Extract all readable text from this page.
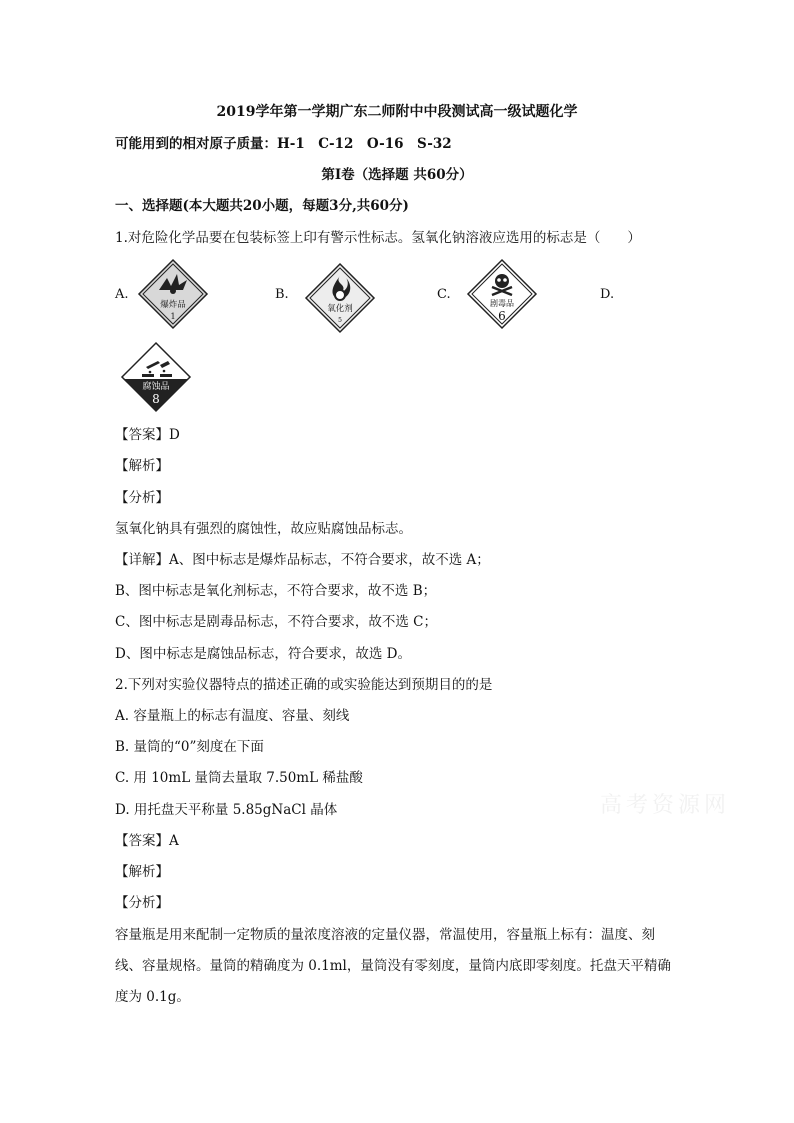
2019学年第一学期广东二师附中中段测试高一级试题化学
可能用到的相对原子质量：H-1　C-12　O-16　S-32
第Ⅰ卷（选择题 共60分）
一、选择题(本大题共20小题，每题3分,共60分)
1.对危险化学品要在包装标签上印有警示性标志。氢氧化钠溶液应选用的标志是（　　）
A.
爆炸品
1
B.
氧化剂
5
C.
剧毒品
6
D.
腐蚀品
8
【答案】D
【解析】
【分析】
氢氧化钠具有强烈的腐蚀性，故应贴腐蚀品标志。
【详解】A、图中标志是爆炸品标志，不符合要求，故不选 A；
B、图中标志是氧化剂标志，不符合要求，故不选 B；
C、图中标志是剧毒品标志，不符合要求，故不选 C；
D、图中标志是腐蚀品标志，符合要求，故选 D。
2.下列对实验仪器特点的描述正确的或实验能达到预期目的的是
A. 容量瓶上的标志有温度、容量、刻线
B. 量筒的“0”刻度在下面
C. 用 10mL 量筒去量取 7.50mL 稀盐酸
D. 用托盘天平称量 5.85gNaCl 晶体
【答案】A
【解析】
【分析】
容量瓶是用来配制一定物质的量浓度溶液的定量仪器，常温使用，容量瓶上标有：温度、刻
线、容量规格。量筒的精确度为 0.1ml，量筒没有零刻度，量筒内底即零刻度。托盘天平精确
度为 0.1g。
高考资源网
